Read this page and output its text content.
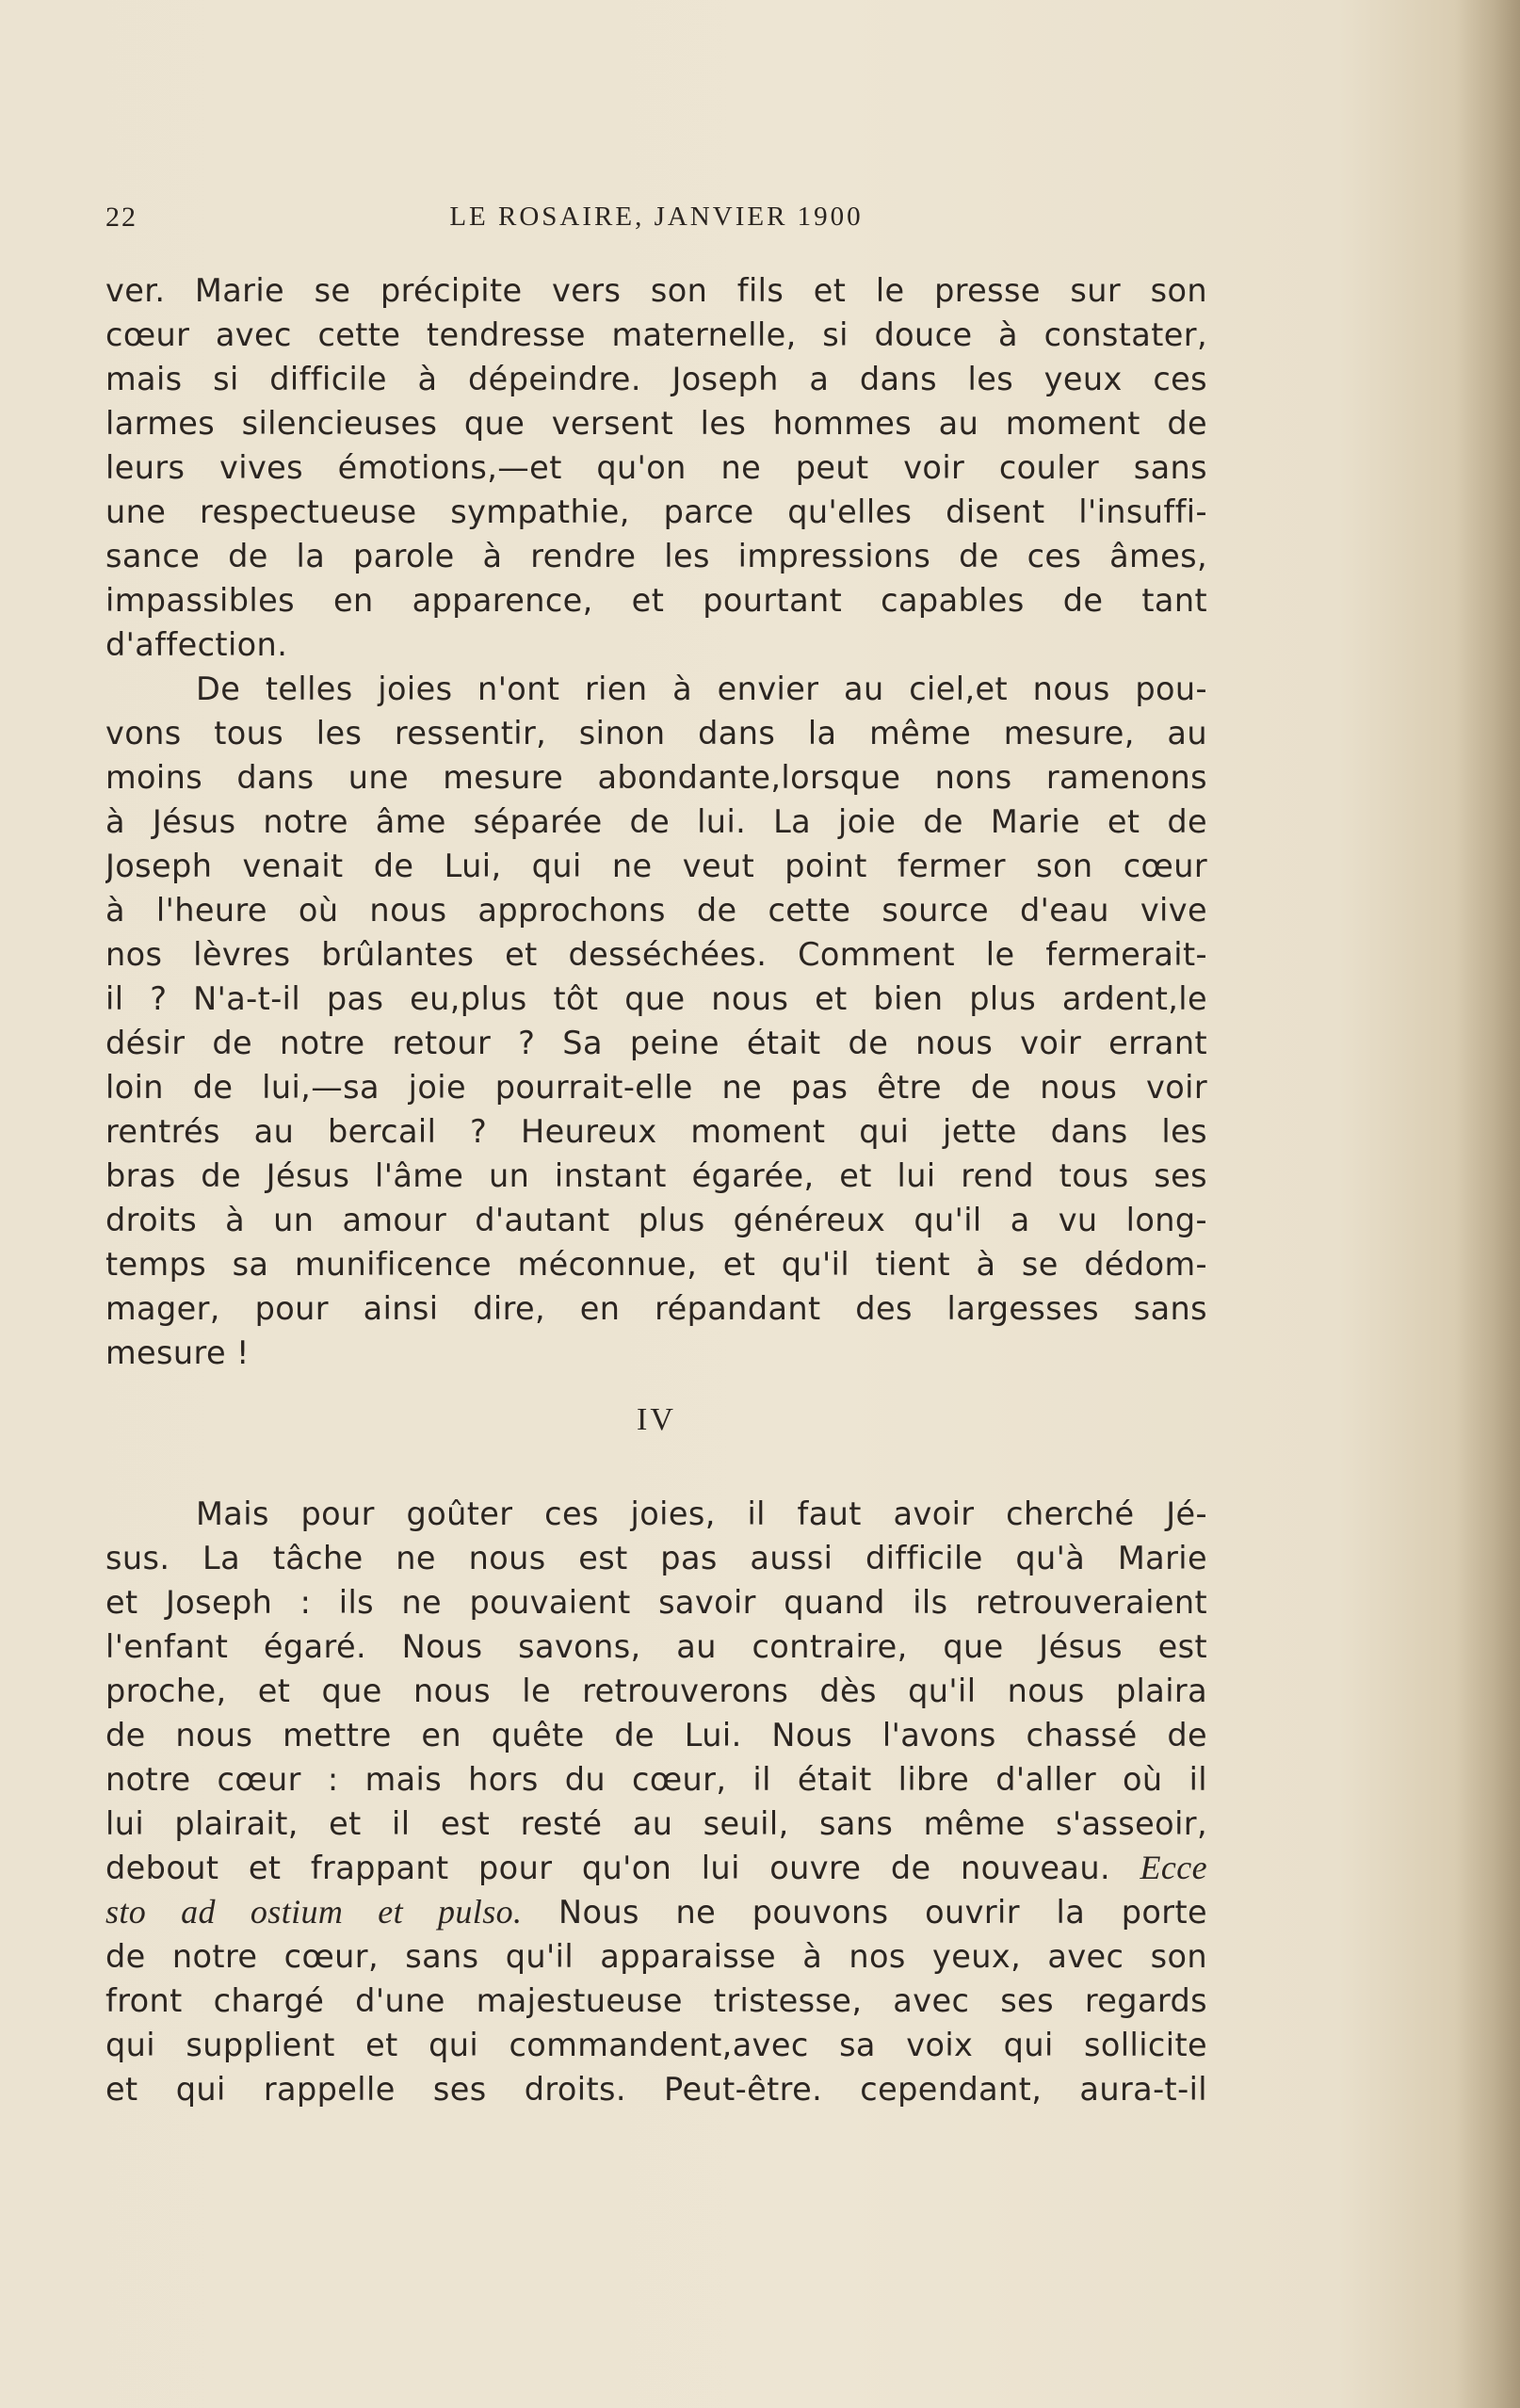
22	LE ROSAIRE, JANVIER 1900
ver. Marie se précipite vers son fils et le presse sur son
cœur avec cette tendresse maternelle, si douce à constater,
mais si difficile à dépeindre. Joseph a dans les yeux ces
larmes silencieuses que versent les hommes au moment de
leurs vives émotions,—et qu'on ne peut voir couler sans
une respectueuse sympathie, parce qu'elles disent l'insuffi-
sance de la parole à rendre les impressions de ces âmes,
impassibles en apparence, et pourtant capables de tant
d'affection.
De telles joies n'ont rien à envier au ciel,et nous pou-
vons tous les ressentir, sinon dans la même mesure, au
moins dans une mesure abondante,lorsque nons ramenons
à Jésus notre âme séparée de lui. La joie de Marie et de
Joseph venait de Lui, qui ne veut point fermer son cœur
à l'heure où nous approchons de cette source d'eau vive
nos lèvres brûlantes et desséchées. Comment le fermerait-
il ? N'a-t-il pas eu,plus tôt que nous et bien plus ardent,le
désir de notre retour ? Sa peine était de nous voir errant
loin de lui,—sa joie pourrait-elle ne pas être de nous voir
rentrés au bercail ? Heureux moment qui jette dans les
bras de Jésus l'âme un instant égarée, et lui rend tous ses
droits à un amour d'autant plus généreux qu'il a vu long-
temps sa munificence méconnue, et qu'il tient à se dédom-
mager, pour ainsi dire, en répandant des largesses sans
mesure !
IV
Mais pour goûter ces joies, il faut avoir cherché Jé-
sus. La tâche ne nous est pas aussi difficile qu'à Marie
et Joseph : ils ne pouvaient savoir quand ils retrouveraient
l'enfant égaré. Nous savons, au contraire, que Jésus est
proche, et que nous le retrouverons dès qu'il nous plaira
de nous mettre en quête de Lui. Nous l'avons chassé de
notre cœur : mais hors du cœur, il était libre d'aller où il
lui plairait, et il est resté au seuil, sans même s'asseoir,
debout et frappant pour qu'on lui ouvre de nouveau. Ecce
sto ad ostium et pulso. Nous ne pouvons ouvrir la porte
de notre cœur, sans qu'il apparaisse à nos yeux, avec son
front chargé d'une majestueuse tristesse, avec ses regards
qui supplient et qui commandent,avec sa voix qui sollicite
et qui rappelle ses droits. Peut-être. cependant, aura-t-il
